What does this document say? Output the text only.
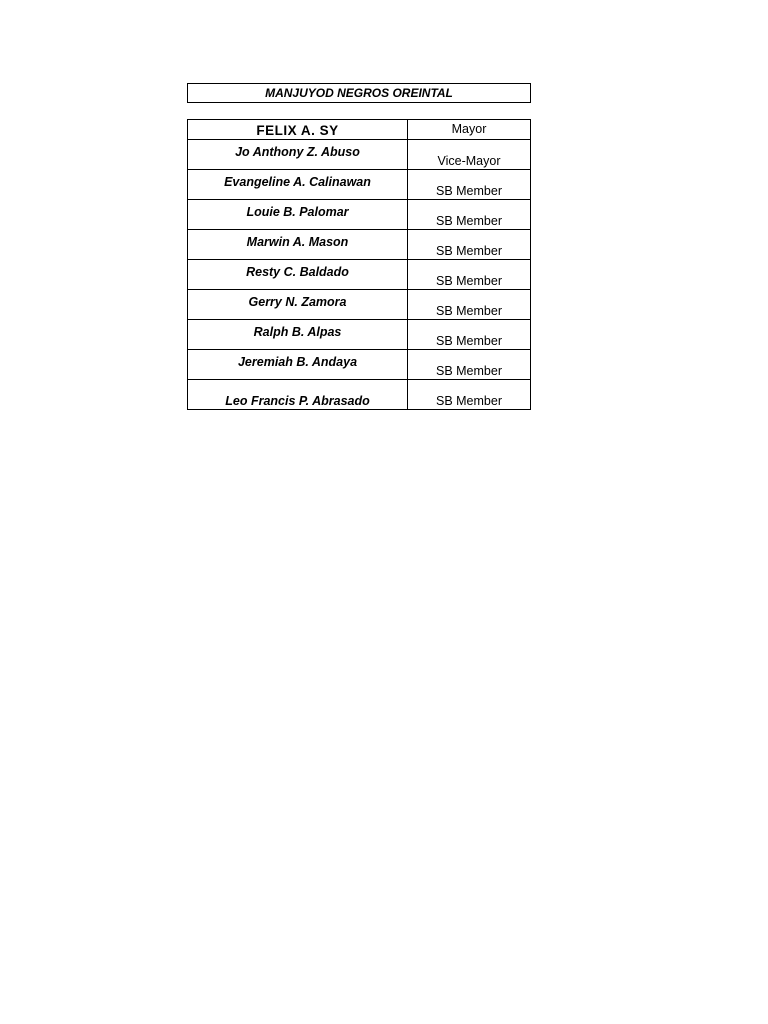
MANJUYOD NEGROS OREINTAL
FELIX A. SY	Mayor
Jo Anthony Z. Abuso	Vice-Mayor
Evangeline A. Calinawan	SB Member
Louie B. Palomar	SB Member
Marwin A. Mason	SB Member
Resty C. Baldado	SB Member
Gerry N. Zamora	SB Member
Ralph B. Alpas	SB Member
Jeremiah B. Andaya	SB Member
Leo Francis P. Abrasado	SB Member
